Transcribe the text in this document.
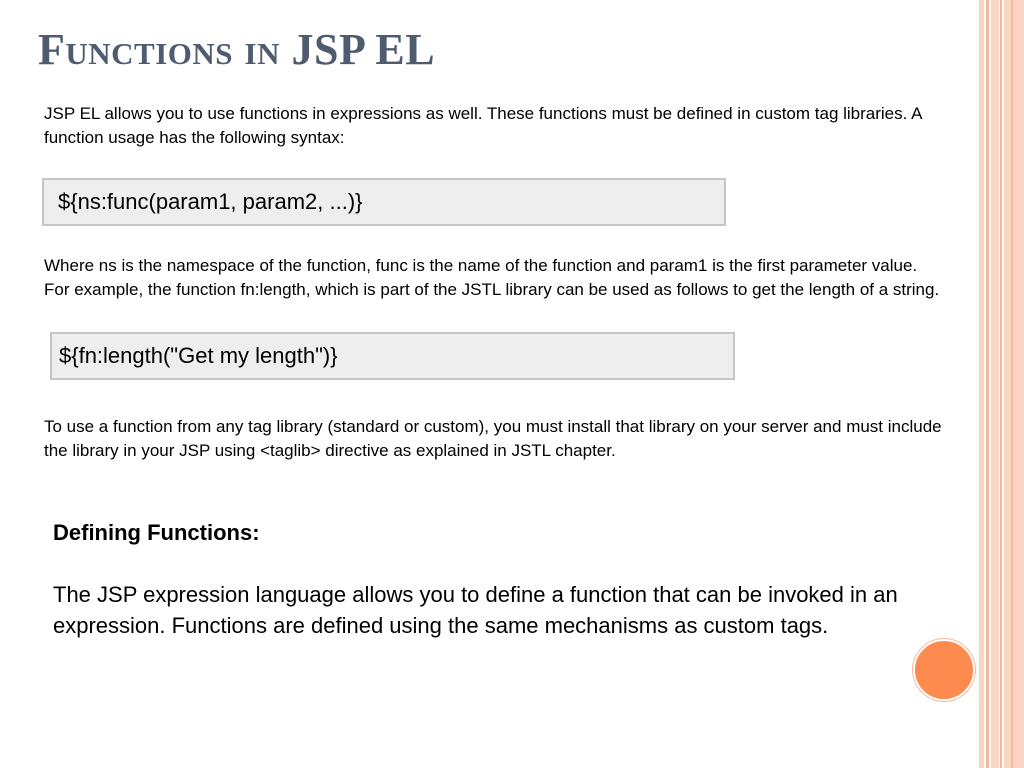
Functions in JSP EL

JSP EL allows you to use functions in expressions as well. These functions must be defined in custom tag libraries. A function usage has the following syntax:

${ns:func(param1, param2, ...)}

Where ns is the namespace of the function, func is the name of the function and param1 is the first parameter value. For example, the function fn:length, which is part of the JSTL library can be used as follows to get the length of a string.

${fn:length("Get my length")}

To use a function from any tag library (standard or custom), you must install that library on your server and must include the library in your JSP using <taglib> directive as explained in JSTL chapter.

Defining Functions:

The JSP expression language allows you to define a function that can be invoked in an expression. Functions are defined using the same mechanisms as custom tags.
